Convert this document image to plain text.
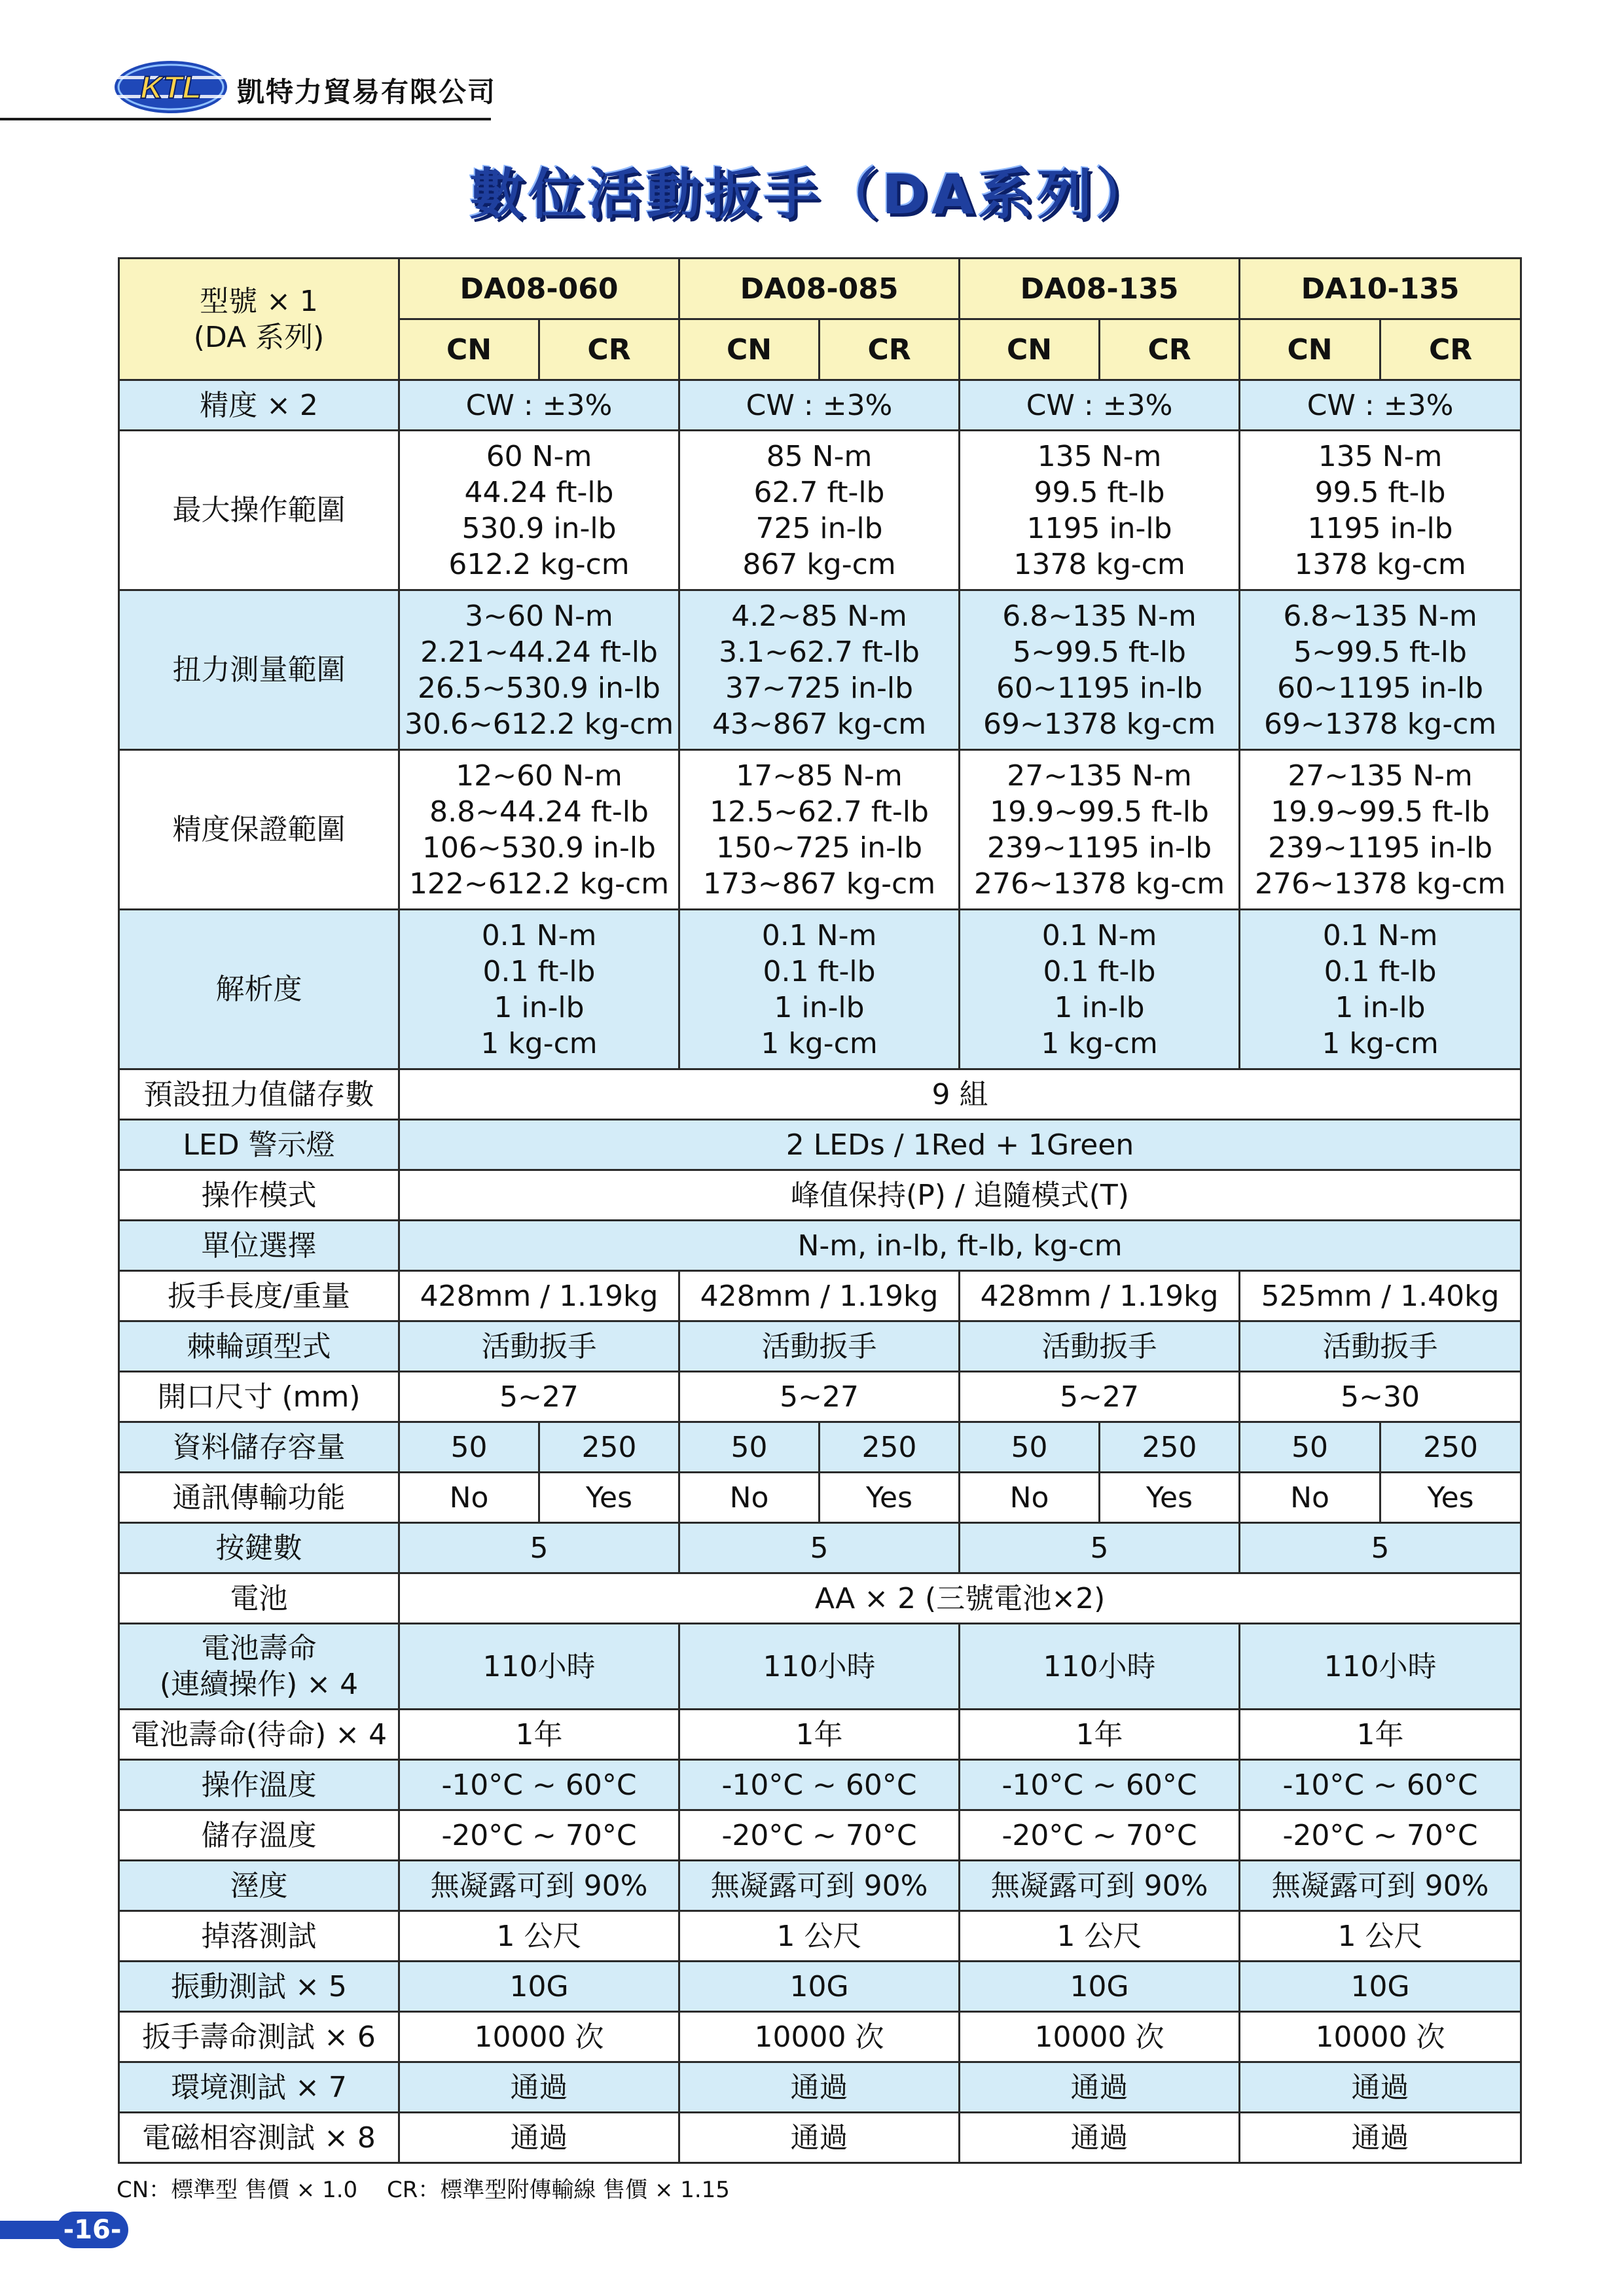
KTL 凱特力貿易有限公司
數位活動扳手（DA系列）
型號 × 1
(DA 系列)	DA08-060		DA08-085		DA08-135		DA10-135	
	CN	CR	CN	CR	CN	CR	CN	CR
精度 × 2	CW : ±3%		CW : ±3%		CW : ±3%		CW : ±3%	
最大操作範圍	60 N-m
44.24 ft-lb
530.9 in-lb
612.2 kg-cm		85 N-m
62.7 ft-lb
725 in-lb
867 kg-cm		135 N-m
99.5 ft-lb
1195 in-lb
1378 kg-cm		135 N-m
99.5 ft-lb
1195 in-lb
1378 kg-cm	
扭力測量範圍	3~60 N-m
2.21~44.24 ft-lb
26.5~530.9 in-lb
30.6~612.2 kg-cm		4.2~85 N-m
3.1~62.7 ft-lb
37~725 in-lb
43~867 kg-cm		6.8~135 N-m
5~99.5 ft-lb
60~1195 in-lb
69~1378 kg-cm		6.8~135 N-m
5~99.5 ft-lb
60~1195 in-lb
69~1378 kg-cm	
精度保證範圍	12~60 N-m
8.8~44.24 ft-lb
106~530.9 in-lb
122~612.2 kg-cm		17~85 N-m
12.5~62.7 ft-lb
150~725 in-lb
173~867 kg-cm		27~135 N-m
19.9~99.5 ft-lb
239~1195 in-lb
276~1378 kg-cm		27~135 N-m
19.9~99.5 ft-lb
239~1195 in-lb
276~1378 kg-cm	
解析度	0.1 N-m
0.1 ft-lb
1 in-lb
1 kg-cm		0.1 N-m
0.1 ft-lb
1 in-lb
1 kg-cm		0.1 N-m
0.1 ft-lb
1 in-lb
1 kg-cm		0.1 N-m
0.1 ft-lb
1 in-lb
1 kg-cm	
預設扭力值儲存數	9 組							
LED 警示燈	2 LEDs / 1Red + 1Green							
操作模式	峰值保持(P) / 追隨模式(T)							
單位選擇	N-m, in-lb, ft-lb, kg-cm							
扳手長度/重量	428mm / 1.19kg		428mm / 1.19kg		428mm / 1.19kg		525mm / 1.40kg	
棘輪頭型式	活動扳手		活動扳手		活動扳手		活動扳手	
開口尺寸 (mm)	5~27		5~27		5~27		5~30	
資料儲存容量	50	250	50	250	50	250	50	250
通訊傳輸功能	No	Yes	No	Yes	No	Yes	No	Yes
按鍵數	5		5		5		5	
電池	AA × 2 (三號電池×2)							
電池壽命
(連續操作) × 4	110小時		110小時		110小時		110小時	
電池壽命(待命) × 4	1年		1年		1年		1年	
操作溫度	-10°C ~ 60°C		-10°C ~ 60°C		-10°C ~ 60°C		-10°C ~ 60°C	
儲存溫度	-20°C ~ 70°C		-20°C ~ 70°C		-20°C ~ 70°C		-20°C ~ 70°C	
溼度	無凝露可到 90%		無凝露可到 90%		無凝露可到 90%		無凝露可到 90%	
掉落測試	1 公尺		1 公尺		1 公尺		1 公尺	
振動測試 × 5	10G		10G		10G		10G	
扳手壽命測試 × 6	10000 次		10000 次		10000 次		10000 次	
環境測試 × 7	通過		通過		通過		通過	
電磁相容測試 × 8	通過		通過		通過		通過	
CN：標準型 售價 × 1.0　 CR：標準型附傳輸線 售價 × 1.15
-16-
